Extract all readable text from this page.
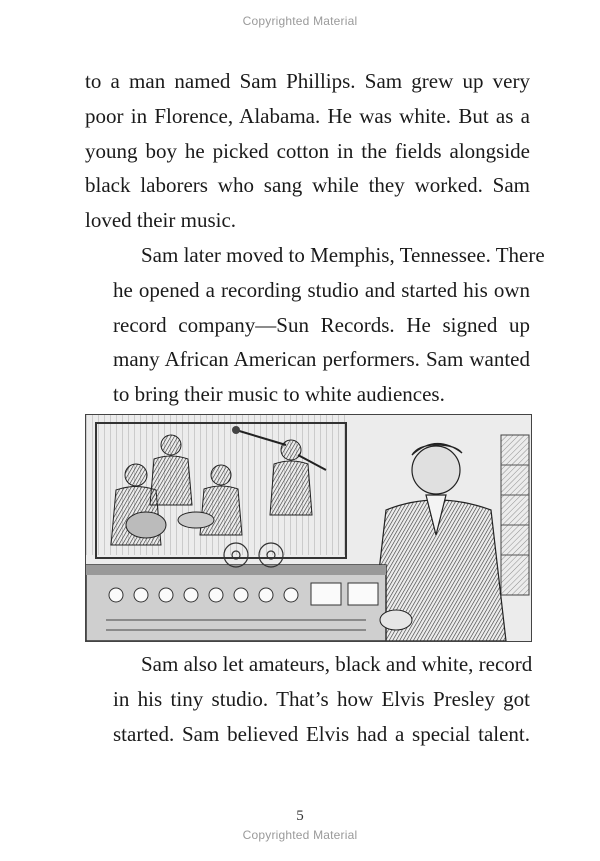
Copyrighted Material

to a man named Sam Phillips. Sam grew up very
poor in Florence, Alabama. He was white. But as a
young boy he picked cotton in the fields alongside
black laborers who sang while they worked. Sam
loved their music.

Sam later moved to Memphis, Tennessee. There
he opened a recording studio and started his own
record company—Sun Records. He signed up
many African American performers. Sam wanted
to bring their music to white audiences.

Sam also let amateurs, black and white, record
in his tiny studio. That’s how Elvis Presley got
started. Sam believed Elvis had a special talent.

5
Copyrighted Material
